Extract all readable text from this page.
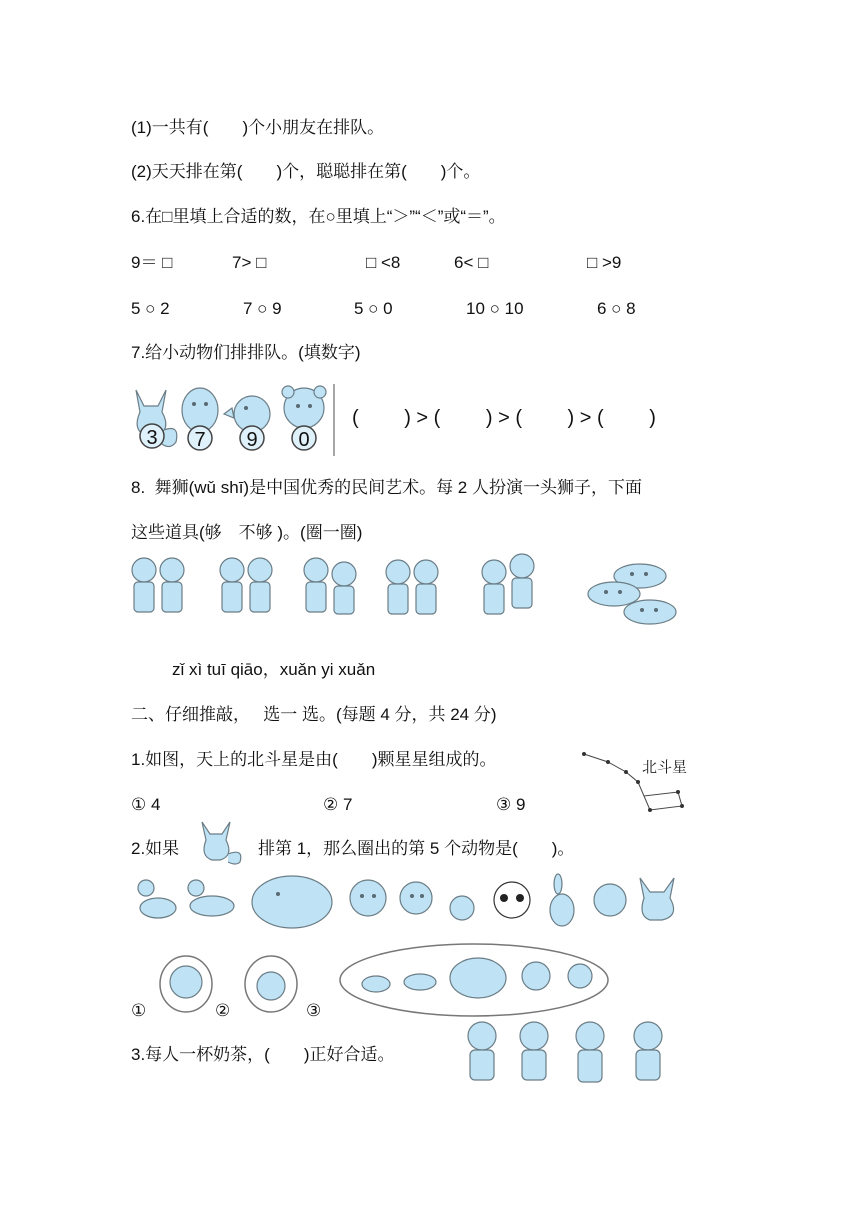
(1)一共有(　　)个小朋友在排队。
(2)天天排在第(　　)个，聪聪排在第(　　)个。
6.在□里填上合适的数，在○里填上“＞”“＜”或“＝”。
9＝ □	7> □	□ <8	6< □	□ >9
5 ○ 2	7 ○ 9	5 ○ 0	10 ○ 10	6 ○ 8
7.给小动物们排排队。(填数字)
3 7 9 0
(　　 ) > (　　 ) > (　　 ) > (　　 )
8.  舞狮(wǔ shī)是中国优秀的民间艺术。每 2 人扮演一头狮子，下面
这些道具(够　不够 )。(圈一圈)
zǐ xì tuī qiāo，xuǎn yi xuǎn
二、仔细推敲，　 选一 选。(每题 4 分，共 24 分)
1.如图，天上的北斗星是由(　　)颗星星组成的。	北斗星
① 4	② 7	③ 9
2.如果	排第 1，那么圈出的第 5 个动物是(　　)。
①	②	③
3.每人一杯奶茶，(　　)正好合适。
